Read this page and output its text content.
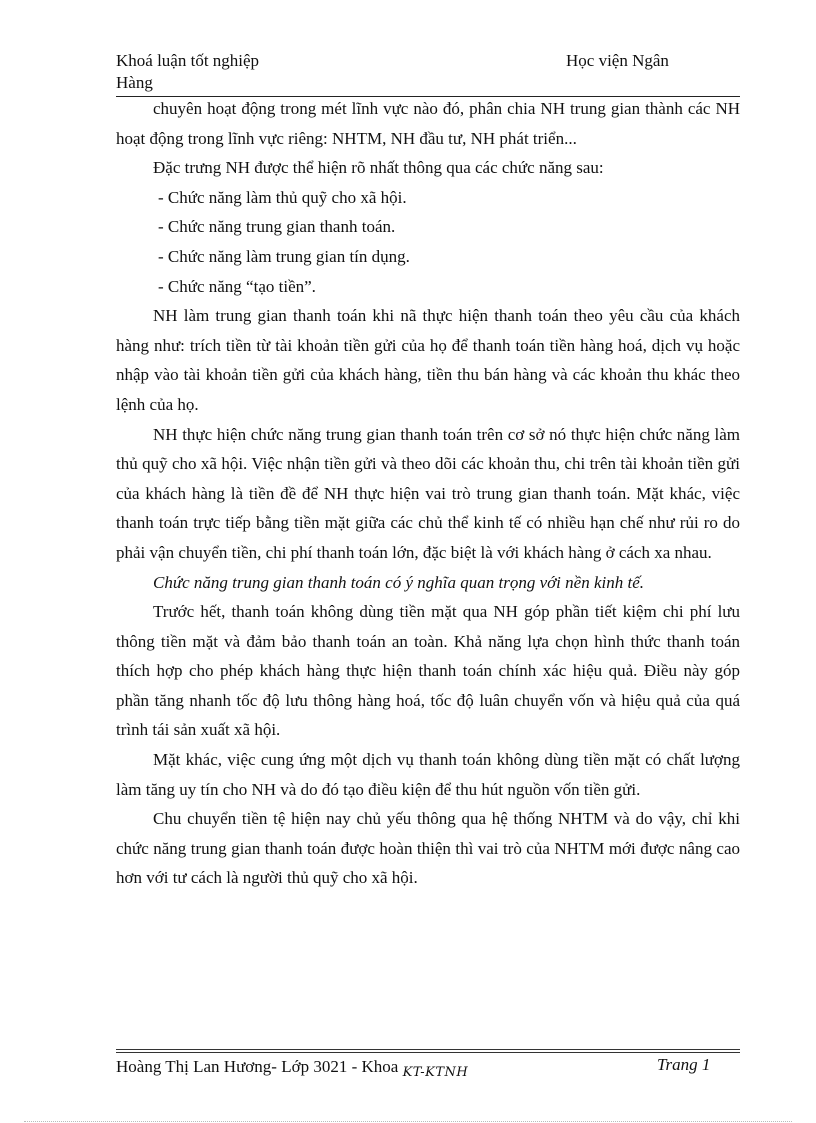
Khoá luận tốt nghiệp
Hàng
Học viện Ngân

chuyên hoạt động trong mét lĩnh vực nào đó, phân chia NH trung gian thành các NH hoạt động trong lĩnh vực riêng: NHTM, NH đầu tư, NH phát triển...

Đặc trưng NH được thể hiện rõ nhất thông qua các chức năng sau:

- Chức năng làm thủ quỹ cho xã hội.

- Chức năng trung gian thanh toán.

- Chức năng làm trung gian tín dụng.

- Chức năng “tạo tiền”.

NH làm trung gian thanh toán khi nã thực hiện thanh toán theo yêu cầu của khách hàng như: trích tiền từ tài khoản tiền gửi của họ để thanh toán tiền hàng hoá, dịch vụ hoặc nhập vào tài khoản tiền gửi của khách hàng, tiền thu bán hàng và các khoản thu khác theo lệnh của họ.

NH thực hiện chức năng trung gian thanh toán trên cơ sở nó thực hiện chức năng làm thủ quỹ cho xã hội. Việc nhận tiền gửi và theo dõi các khoản thu, chi trên tài khoản tiền gửi của khách hàng là tiền đề để NH thực hiện vai trò trung gian thanh toán. Mặt khác, việc thanh toán trực tiếp bằng tiền mặt giữa các chủ thể kinh tế có nhiều hạn chế như rủi ro do phải vận chuyển tiền, chi phí thanh toán lớn, đặc biệt là với khách hàng ở cách xa nhau.

Chức năng trung gian thanh toán có ý nghĩa quan trọng với nền kinh tế.

Trước hết, thanh toán không dùng tiền mặt qua NH góp phần tiết kiệm chi phí lưu thông tiền mặt và đảm bảo thanh toán an toàn. Khả năng lựa chọn hình thức thanh toán thích hợp cho phép khách hàng thực hiện thanh toán chính xác hiệu quả. Điều này góp phần tăng nhanh tốc độ lưu thông hàng hoá, tốc độ luân chuyển vốn và hiệu quả của quá trình tái sản xuất xã hội.

Mặt khác, việc cung ứng một dịch vụ thanh toán không dùng tiền mặt có chất lượng làm tăng uy tín cho NH và do đó tạo điều kiện để thu hút nguồn vốn tiền gửi.

Chu chuyển tiền tệ hiện nay chủ yếu thông qua hệ thống NHTM và do vậy, chỉ khi chức năng trung gian thanh toán được hoàn thiện thì vai trò của NHTM mới được nâng cao hơn với tư cách là người thủ quỹ cho xã hội.

Hoàng Thị Lan Hương- Lớp 3021 - Khoa $_{KT-KTNH}$	Trang 1
